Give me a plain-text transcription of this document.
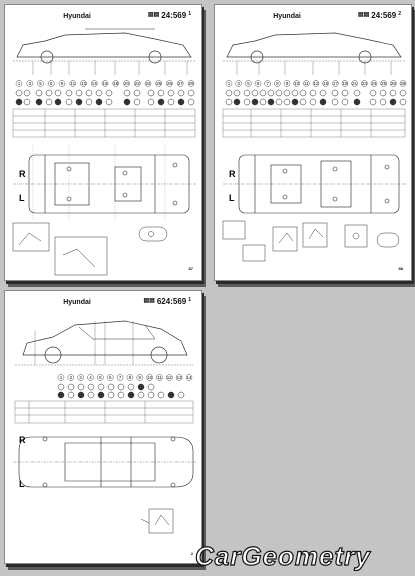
Hyundai	▤▤ 24:569 1
1 3 5 6 9 11 13 14 16 18 20 22 24 25 26 27 29
R
L
87
Hyundai	▤▤ 24:569 2
1 3 5 6 7 8 9 10 11 12 15 17 19 21 23 24 25 26 28
R
L
88
Hyundai	▤▤ 624:569 1
1 2 3 4 5 6 7 8 9 10 11 12 13 14
R
L
2 CarGeometry
